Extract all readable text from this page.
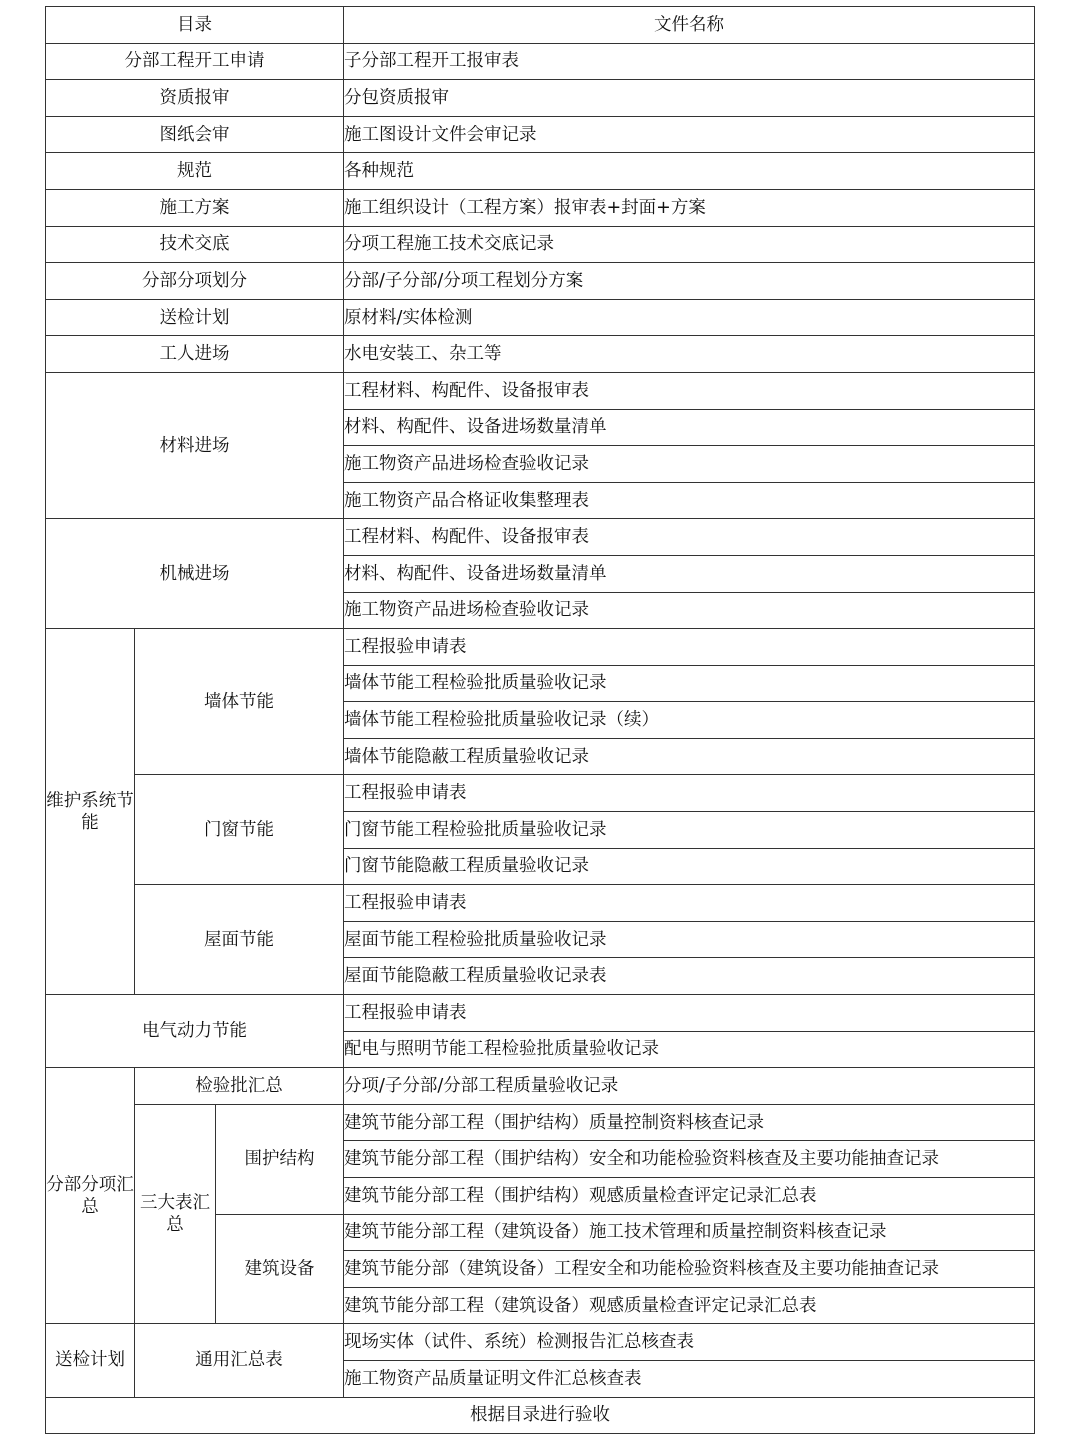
目录			文件名称
分部工程开工申请			子分部工程开工报审表
资质报审			分包资质报审
图纸会审			施工图设计文件会审记录
规范			各种规范
施工方案			施工组织设计（工程方案）报审表+封面+方案
技术交底			分项工程施工技术交底记录
分部分项划分			分部/子分部/分项工程划分方案
送检计划			原材料/实体检测
工人进场			水电安装工、杂工等
材料进场			工程材料、构配件、设备报审表
			材料、构配件、设备进场数量清单
			施工物资产品进场检查验收记录
			施工物资产品合格证收集整理表
机械进场			工程材料、构配件、设备报审表
			材料、构配件、设备进场数量清单
			施工物资产品进场检查验收记录
维护系统节能	墙体节能		工程报验申请表
			墙体节能工程检验批质量验收记录
			墙体节能工程检验批质量验收记录（续）
			墙体节能隐蔽工程质量验收记录
	门窗节能		工程报验申请表
			门窗节能工程检验批质量验收记录
			门窗节能隐蔽工程质量验收记录
	屋面节能		工程报验申请表
			屋面节能工程检验批质量验收记录
			屋面节能隐蔽工程质量验收记录表
电气动力节能			工程报验申请表
			配电与照明节能工程检验批质量验收记录
分部分项汇总	检验批汇总		分项/子分部/分部工程质量验收记录
	三大表汇总	围护结构	建筑节能分部工程（围护结构）质量控制资料核查记录
			建筑节能分部工程（围护结构）安全和功能检验资料核查及主要功能抽查记录
			建筑节能分部工程（围护结构）观感质量检查评定记录汇总表
		建筑设备	建筑节能分部工程（建筑设备）施工技术管理和质量控制资料核查记录
			建筑节能分部（建筑设备）工程安全和功能检验资料核查及主要功能抽查记录
			建筑节能分部工程（建筑设备）观感质量检查评定记录汇总表
送检计划	通用汇总表		现场实体（试件、系统）检测报告汇总核查表
			施工物资产品质量证明文件汇总核查表
根据目录进行验收			
